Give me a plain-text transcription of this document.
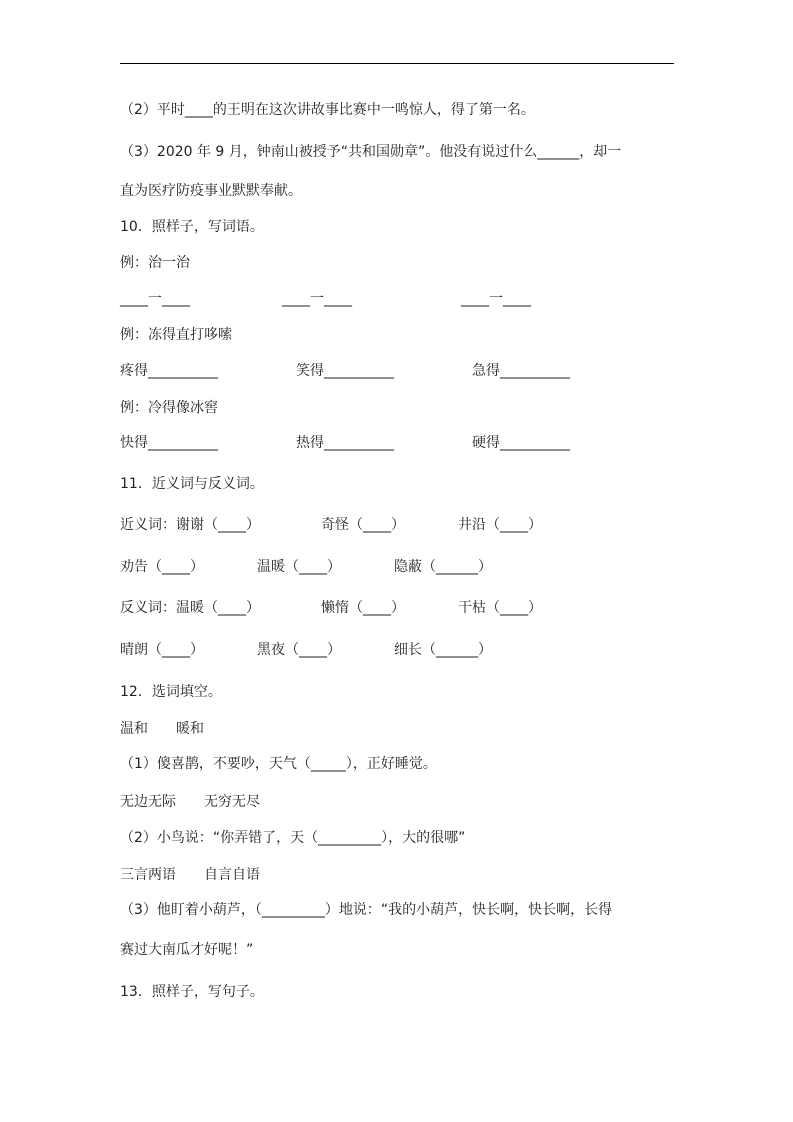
（2）平时____的王明在这次讲故事比赛中一鸣惊人，得了第一名。
（3）2020 年 9 月，钟南山被授予“共和国勋章”。他没有说过什么______，却一
直为医疗防疫事业默默奉献。
10．照样子，写词语。
例：治一治
____一____	____一____	____一____
例：冻得直打哆嗦
疼得__________	笑得__________	急得__________
例：冷得像冰窖
快得__________	热得__________	硬得__________
11．近义词与反义词。
近义词：谢谢（____）	奇怪（____）	井沿（____）
劝告（____）	温暖（____）	隐蔽（______）
反义词：温暖（____）	懒惰（____）	干枯（____）
晴朗（____）	黑夜（____）	细长（______）
12．选词填空。
温和　　暖和
（1）傻喜鹊，不要吵，天气（_____），正好睡觉。
无边无际　　无穷无尽
（2）小鸟说：“你弄错了，天（_________），大的很哪”
三言两语　　自言自语
（3）他盯着小葫芦，（_________）地说：“我的小葫芦，快长啊，快长啊，长得
赛过大南瓜才好呢！”
13．照样子，写句子。
